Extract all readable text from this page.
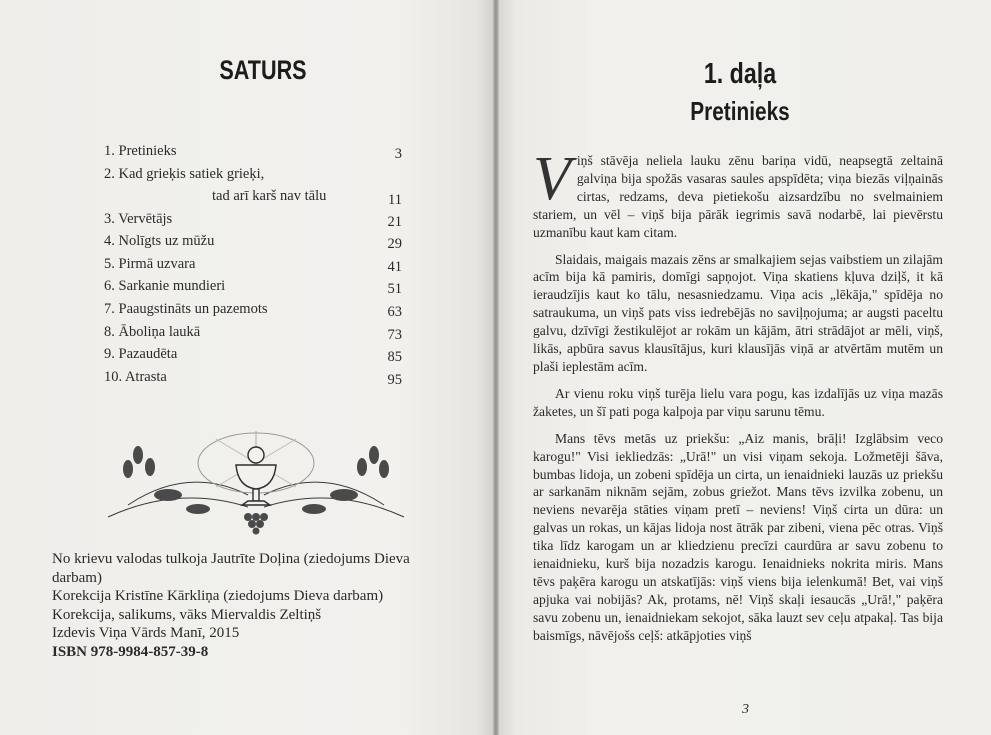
SATURS
1. Pretinieks	3
2. Kad grieķis satiek grieķi,
tad arī karš nav tālu	11
3. Vervētājs	21
4. Nolīgts uz mūžu	29
5. Pirmā uzvara	41
6. Sarkanie mundieri	51
7. Paaugstināts un pazemots	63
8. Āboliņa laukā	73
9. Pazaudēta	85
10. Atrasta	95
No krievu valodas tulkoja Jautrīte Doļina (ziedojums Dieva
darbam)
Korekcija Kristīne Kārkliņa (ziedojums Dieva darbam)
Korekcija, salikums, vāks Miervaldis Zeltiņš
Izdevis Viņa Vārds Manī, 2015
ISBN 978-9984-857-39-8
1. daļa
Pretinieks

Viņš stāvēja neliela lauku zēnu bariņa vidū, neapsegtā zeltainā galviņa bija spožās vasaras saules apspīdēta; viņa biezās viļņainās cirtas, redzams, deva pietiekošu aizsardzību no svelmainiem stariem, un vēl – viņš bija pārāk iegrimis savā nodarbē, lai pievērstu uzmanību kaut kam citam.

Slaidais, maigais mazais zēns ar smalkajiem sejas vaibstiem un zilajām acīm bija kā pamiris, domīgi sapņojot. Viņa skatiens kļuva dziļš, it kā ieraudzījis kaut ko tālu, nesasniedzamu. Viņa acis „lēkāja," spīdēja no satraukuma, un viņš pats viss iedrebējās no saviļņojuma; ar augsti paceltu galvu, dzīvīgi žestikulējot ar rokām un kājām, ātri strādājot ar mēli, viņš, likās, apbūra savus klausītājus, kuri klausījās viņā ar atvērtām mutēm un plaši ieplestām acīm.

Ar vienu roku viņš turēja lielu vara pogu, kas izdalījās uz viņa mazās žaketes, un šī pati poga kalpoja par viņu sarunu tēmu.

Mans tēvs metās uz priekšu: „Aiz manis, brāļi! Izglābsim veco karogu!" Visi iekliedzās: „Urā!" un visi viņam sekoja. Ložmetēji šāva, bumbas lidoja, un zobeni spīdēja un cirta, un ienaidnieki lauzās uz priekšu ar sarkanām niknām sejām, zobus griežot. Mans tēvs izvilka zobenu, un neviens nevarēja stāties viņam pretī – neviens! Viņš cirta un dūra: un galvas un rokas, un kājas lidoja nost ātrāk par zibeni, viena pēc otras. Viņš tika līdz karogam un ar kliedzienu precīzi caurdūra ar savu zobenu to ienaidnieku, kurš bija nozadzis karogu. Ienaidnieks nokrita miris. Mans tēvs paķēra karogu un atskatījās: viņš viens bija ielenkumā! Bet, vai viņš apjuka vai nobijās? Ak, protams, nē! Viņš skaļi iesaucās „Urā!," paķēra savu zobenu un, ienaidniekam sekojot, sāka lauzt sev ceļu atpakaļ. Tas bija baismīgs, nāvējošs ceļš: atkāpjoties viņš

3
